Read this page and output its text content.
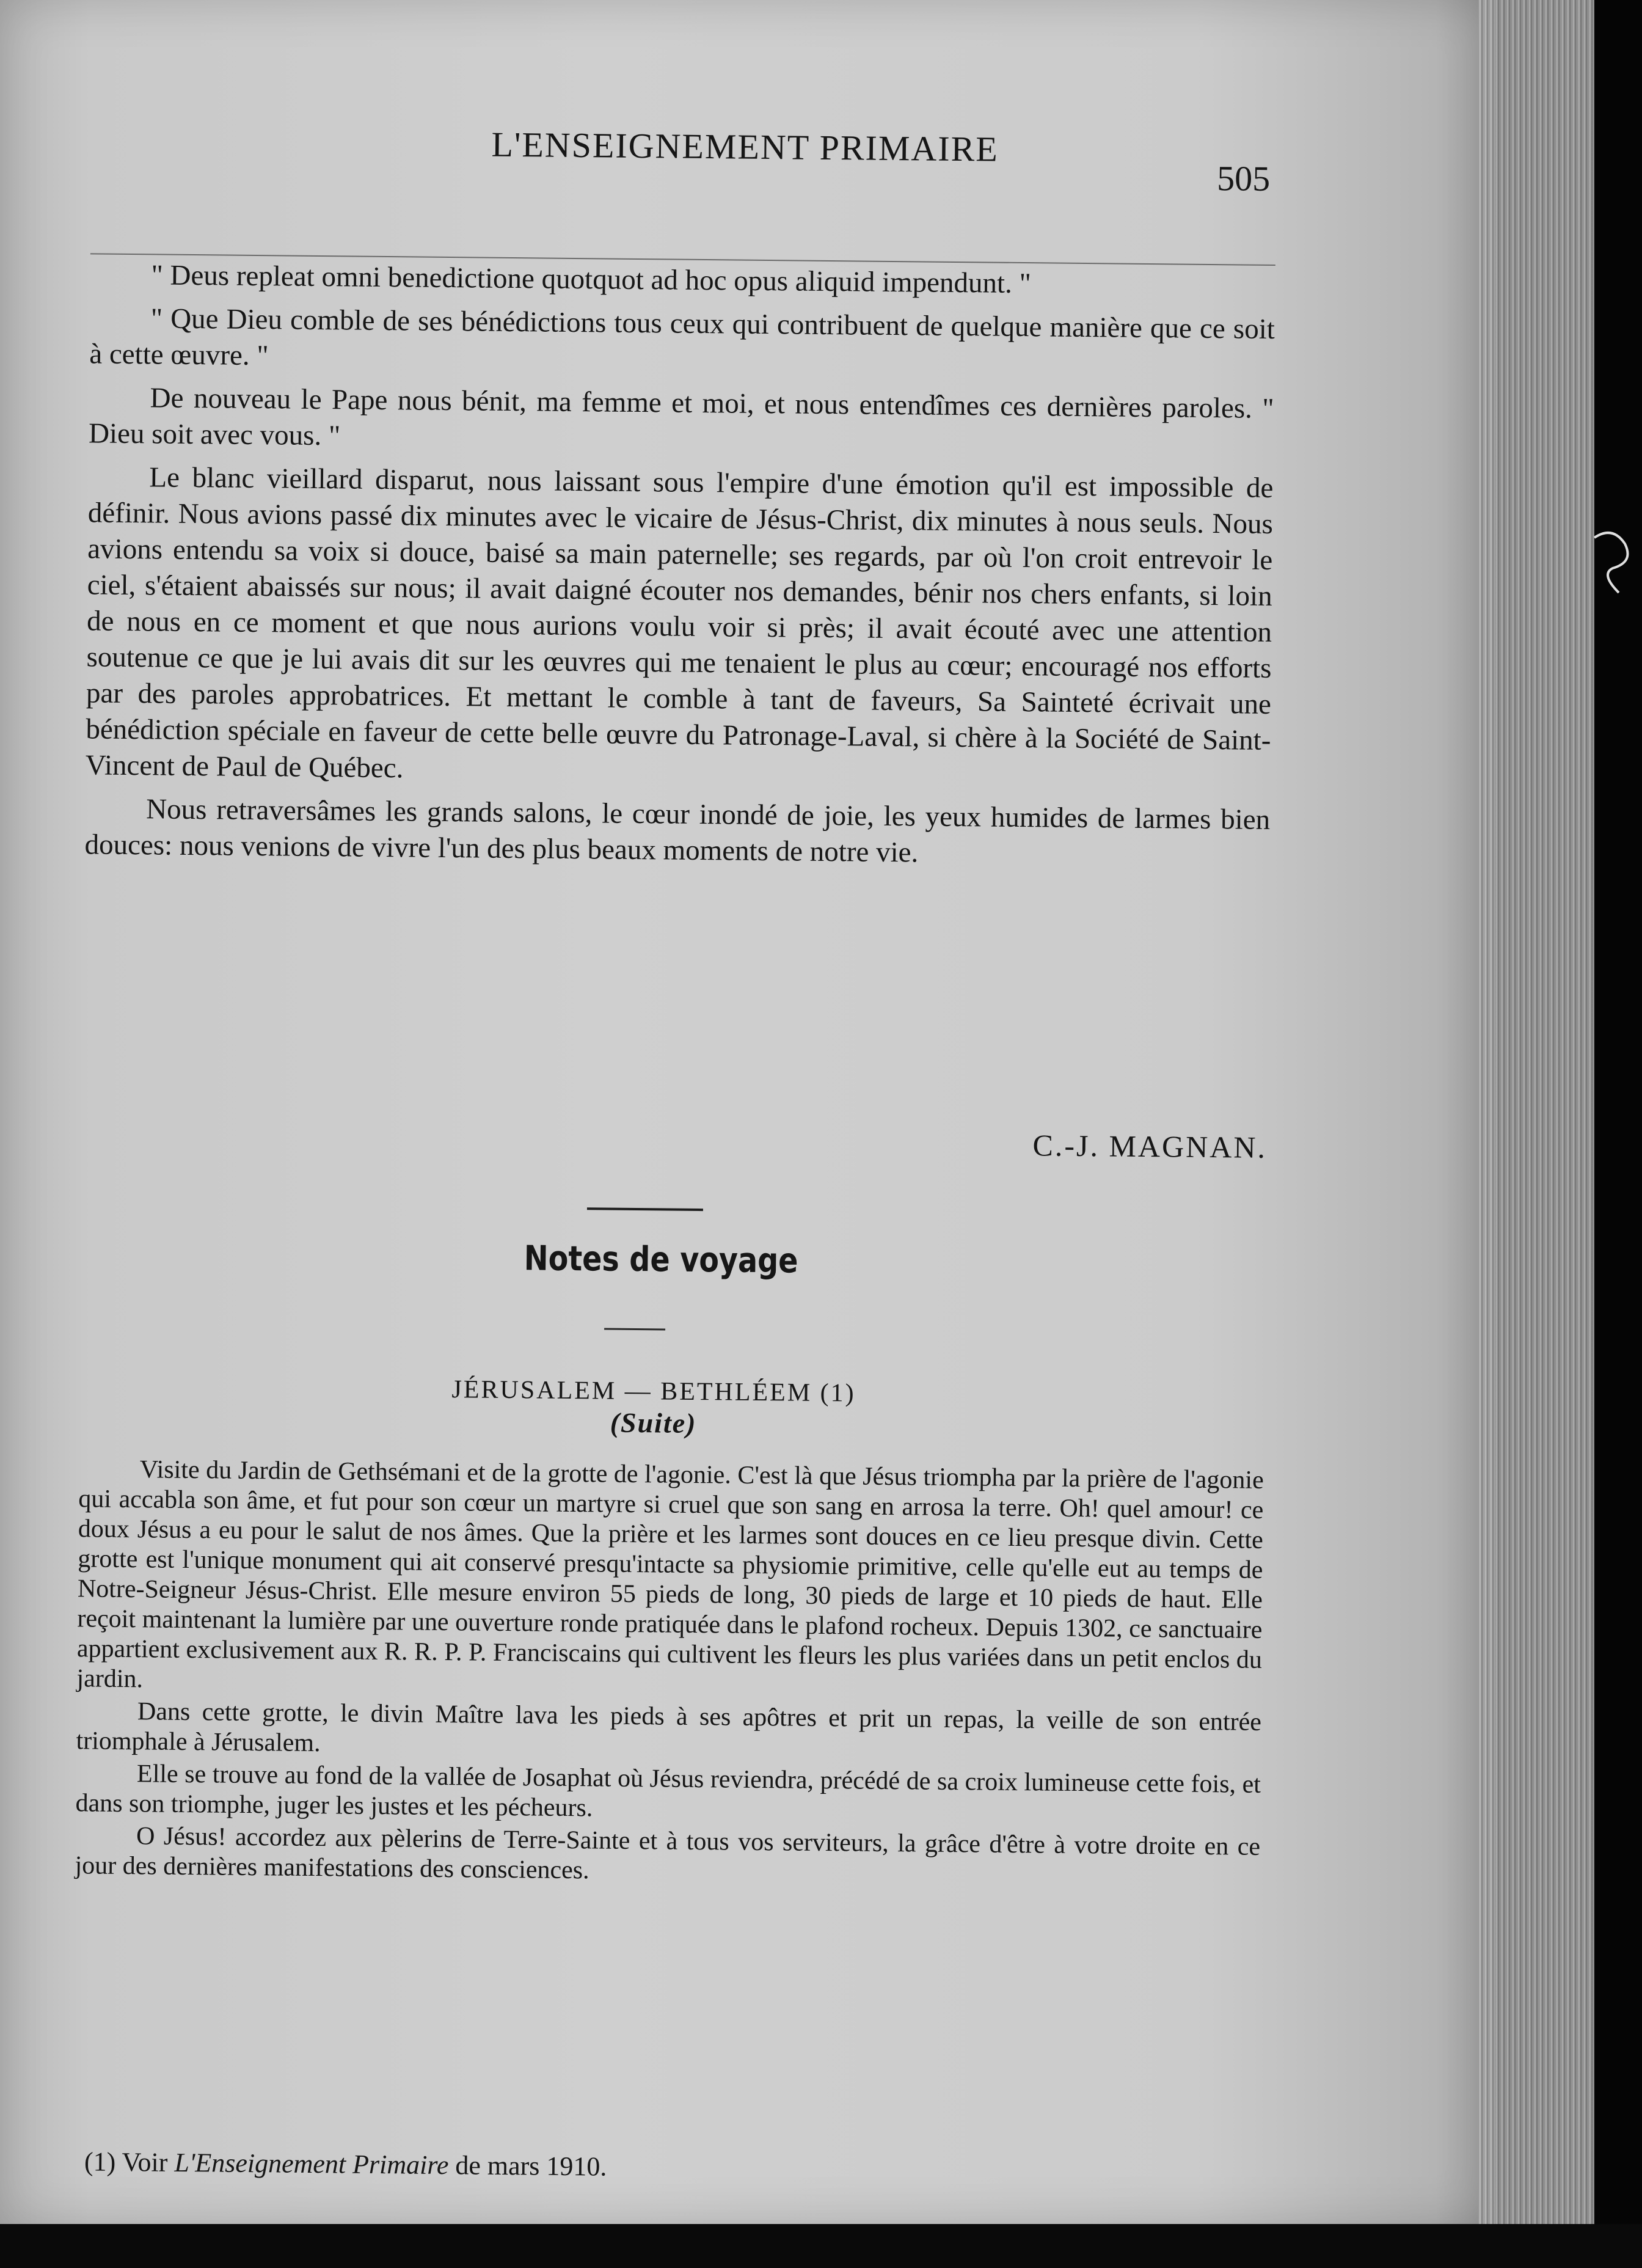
L'ENSEIGNEMENT PRIMAIRE
505

" Deus repleat omni benedictione quotquot ad hoc opus aliquid impendunt. "

" Que Dieu comble de ses bénédictions tous ceux qui contribuent de quelque manière que ce soit à cette œuvre. "

De nouveau le Pape nous bénit, ma femme et moi, et nous entendîmes ces dernières paroles. " Dieu soit avec vous. "

Le blanc vieillard disparut, nous laissant sous l'empire d'une émotion qu'il est impossible de définir. Nous avions passé dix minutes avec le vicaire de Jésus-Christ, dix minutes à nous seuls. Nous avions entendu sa voix si douce, baisé sa main paternelle; ses regards, par où l'on croit entrevoir le ciel, s'étaient abaissés sur nous; il avait daigné écouter nos demandes, bénir nos chers enfants, si loin de nous en ce moment et que nous aurions voulu voir si près; il avait écouté avec une attention soutenue ce que je lui avais dit sur les œuvres qui me tenaient le plus au cœur; encouragé nos efforts par des paroles approbatrices. Et mettant le comble à tant de faveurs, Sa Sainteté écrivait une bénédiction spéciale en faveur de cette belle œuvre du Patronage-Laval, si chère à la Société de Saint-Vincent de Paul de Québec.

Nous retraversâmes les grands salons, le cœur inondé de joie, les yeux humides de larmes bien douces: nous venions de vivre l'un des plus beaux moments de notre vie.

C.-J. MAGNAN.
Notes de voyage
JÉRUSALEM — BETHLÉEM (1)
(Suite)

Visite du Jardin de Gethsémani et de la grotte de l'agonie. C'est là que Jésus triompha par la prière de l'agonie qui accabla son âme, et fut pour son cœur un martyre si cruel que son sang en arrosa la terre. Oh! quel amour! ce doux Jésus a eu pour le salut de nos âmes. Que la prière et les larmes sont douces en ce lieu presque divin. Cette grotte est l'unique monument qui ait conservé presqu'intacte sa physiomie primitive, celle qu'elle eut au temps de Notre-Seigneur Jésus-Christ. Elle mesure environ 55 pieds de long, 30 pieds de large et 10 pieds de haut. Elle reçoit maintenant la lumière par une ouverture ronde pratiquée dans le plafond rocheux. Depuis 1302, ce sanctuaire appartient exclusivement aux R. R. P. P. Franciscains qui cultivent les fleurs les plus variées dans un petit enclos du jardin.

Dans cette grotte, le divin Maître lava les pieds à ses apôtres et prit un repas, la veille de son entrée triomphale à Jérusalem.

Elle se trouve au fond de la vallée de Josaphat où Jésus reviendra, précédé de sa croix lumineuse cette fois, et dans son triomphe, juger les justes et les pécheurs.

O Jésus! accordez aux pèlerins de Terre-Sainte et à tous vos serviteurs, la grâce d'être à votre droite en ce jour des dernières manifestations des consciences.

(1) Voir L'Enseignement Primaire de mars 1910.
